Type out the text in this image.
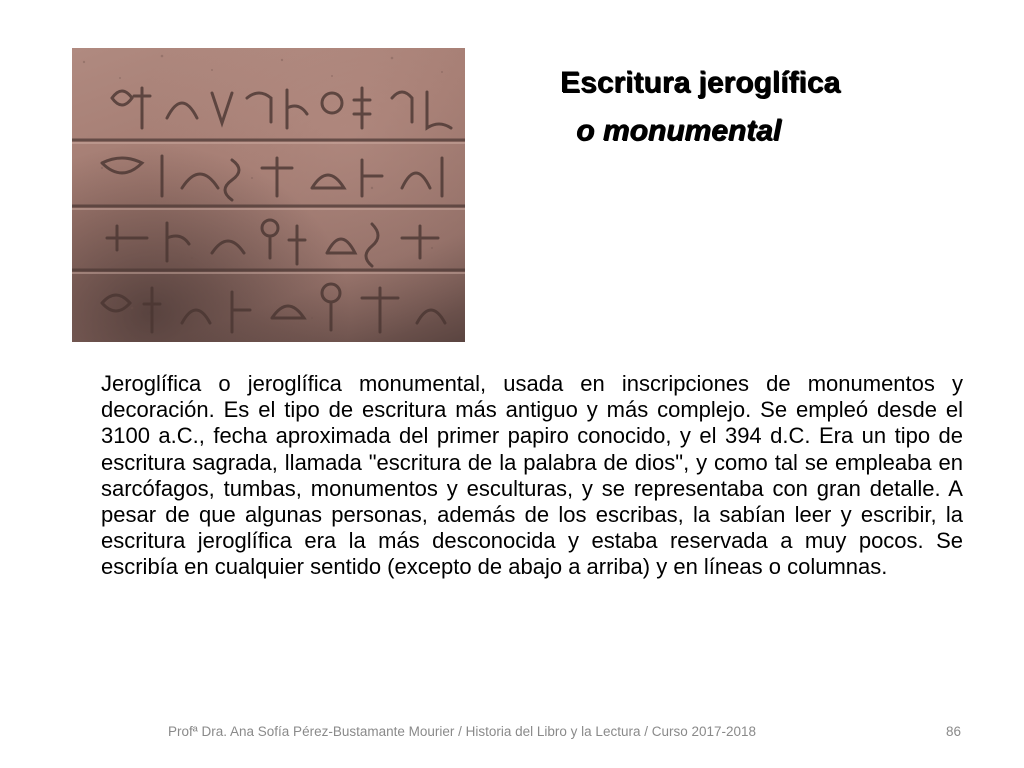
Escritura jeroglífica
o monumental
Jeroglífica o jeroglífica monumental, usada en inscripciones de monumentos y decoración. Es el tipo de escritura más antiguo y más complejo. Se empleó desde el 3100 a.C., fecha aproximada del primer papiro conocido, y el 394 d.C. Era un tipo de escritura sagrada, llamada "escritura de la palabra de dios", y como tal se empleaba en sarcófagos, tumbas, monumentos y esculturas, y se representaba con gran detalle. A pesar de que algunas personas, además de los escribas, la sabían leer y escribir, la escritura jeroglífica era la más desconocida y estaba reservada a muy pocos. Se escribía en cualquier sentido (excepto de abajo a arriba) y en líneas o columnas.
Profª Dra. Ana Sofía Pérez-Bustamante Mourier / Historia del Libro y la Lectura / Curso 2017-2018	86
